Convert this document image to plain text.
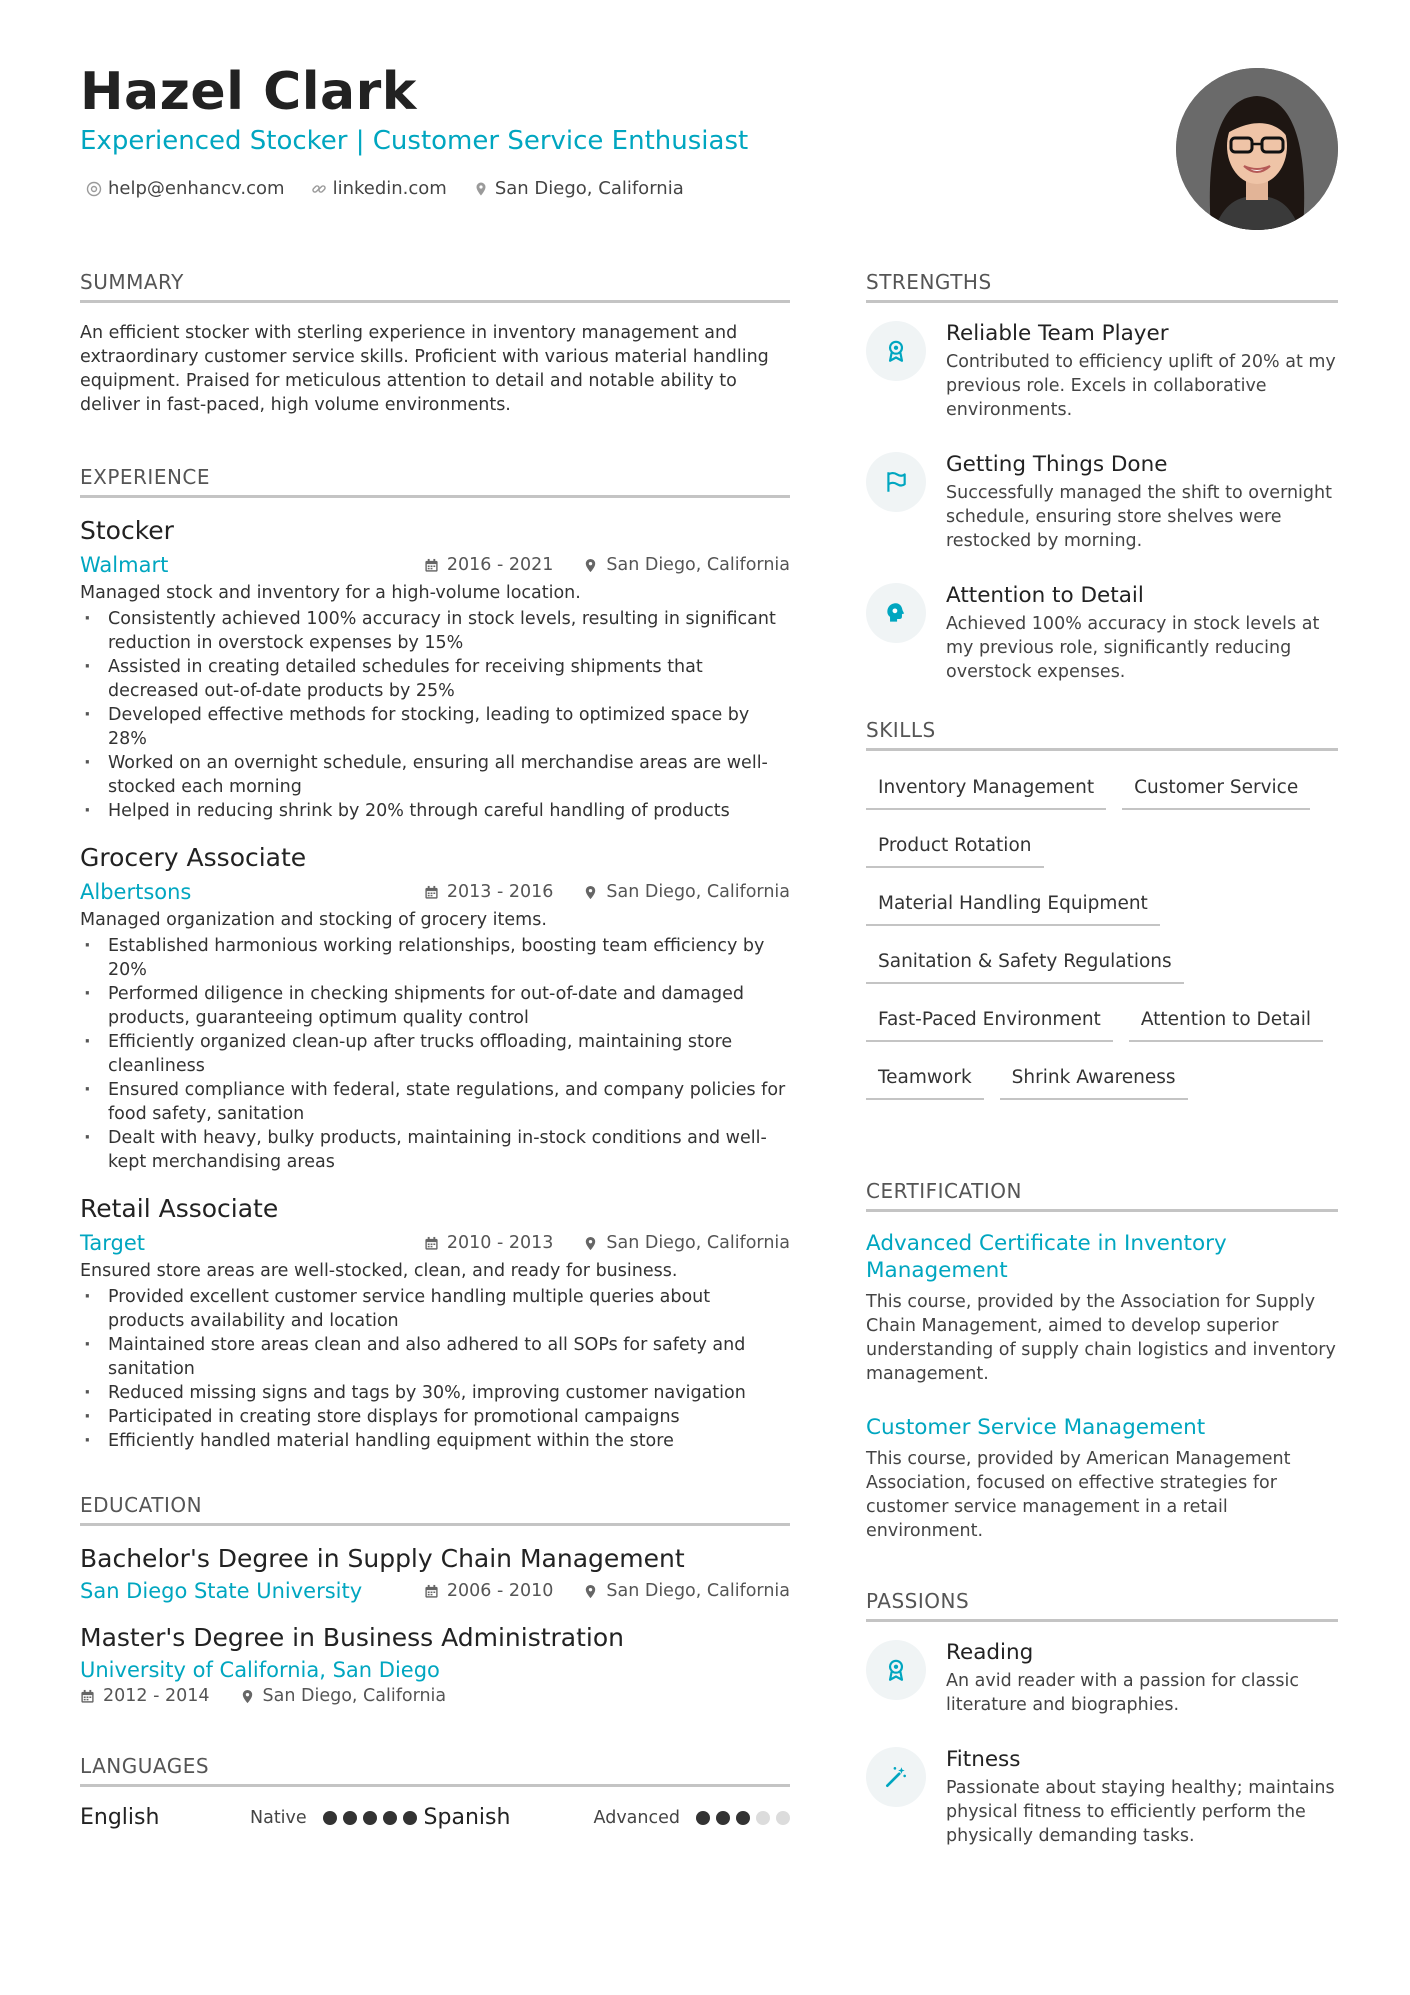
Hazel Clark
Experienced Stocker | Customer Service Enthusiast
help@enhancv.com	linkedin.com	San Diego, California
SUMMARY
An efficient stocker with sterling experience in inventory management and extraordinary customer service skills. Proficient with various material handling equipment. Praised for meticulous attention to detail and notable ability to deliver in fast-paced, high volume environments.
EXPERIENCE
Stocker
Walmart	2016 - 2021	San Diego, California
Managed stock and inventory for a high-volume location.
· Consistently achieved 100% accuracy in stock levels, resulting in significant reduction in overstock expenses by 15%
· Assisted in creating detailed schedules for receiving shipments that decreased out-of-date products by 25%
· Developed effective methods for stocking, leading to optimized space by 28%
· Worked on an overnight schedule, ensuring all merchandise areas are well-stocked each morning
· Helped in reducing shrink by 20% through careful handling of products
Grocery Associate
Albertsons	2013 - 2016	San Diego, California
Managed organization and stocking of grocery items.
· Established harmonious working relationships, boosting team efficiency by 20%
· Performed diligence in checking shipments for out-of-date and damaged products, guaranteeing optimum quality control
· Efficiently organized clean-up after trucks offloading, maintaining store cleanliness
· Ensured compliance with federal, state regulations, and company policies for food safety, sanitation
· Dealt with heavy, bulky products, maintaining in-stock conditions and well-kept merchandising areas
Retail Associate
Target	2010 - 2013	San Diego, California
Ensured store areas are well-stocked, clean, and ready for business.
· Provided excellent customer service handling multiple queries about products availability and location
· Maintained store areas clean and also adhered to all SOPs for safety and sanitation
· Reduced missing signs and tags by 30%, improving customer navigation
· Participated in creating store displays for promotional campaigns
· Efficiently handled material handling equipment within the store
EDUCATION
Bachelor's Degree in Supply Chain Management
San Diego State University	2006 - 2010	San Diego, California
Master's Degree in Business Administration
University of California, San Diego
2012 - 2014	San Diego, California
LANGUAGES
English	Native	Spanish	Advanced
STRENGTHS
Reliable Team Player
Contributed to efficiency uplift of 20% at my previous role. Excels in collaborative environments.
Getting Things Done
Successfully managed the shift to overnight schedule, ensuring store shelves were restocked by morning.
Attention to Detail
Achieved 100% accuracy in stock levels at my previous role, significantly reducing overstock expenses.
SKILLS
Inventory Management	Customer Service
Product Rotation
Material Handling Equipment
Sanitation & Safety Regulations
Fast-Paced Environment	Attention to Detail
Teamwork	Shrink Awareness
CERTIFICATION
Advanced Certificate in Inventory Management
This course, provided by the Association for Supply Chain Management, aimed to develop superior understanding of supply chain logistics and inventory management.
Customer Service Management
This course, provided by American Management Association, focused on effective strategies for customer service management in a retail environment.
PASSIONS
Reading
An avid reader with a passion for classic literature and biographies.
Fitness
Passionate about staying healthy; maintains physical fitness to efficiently perform the physically demanding tasks.
